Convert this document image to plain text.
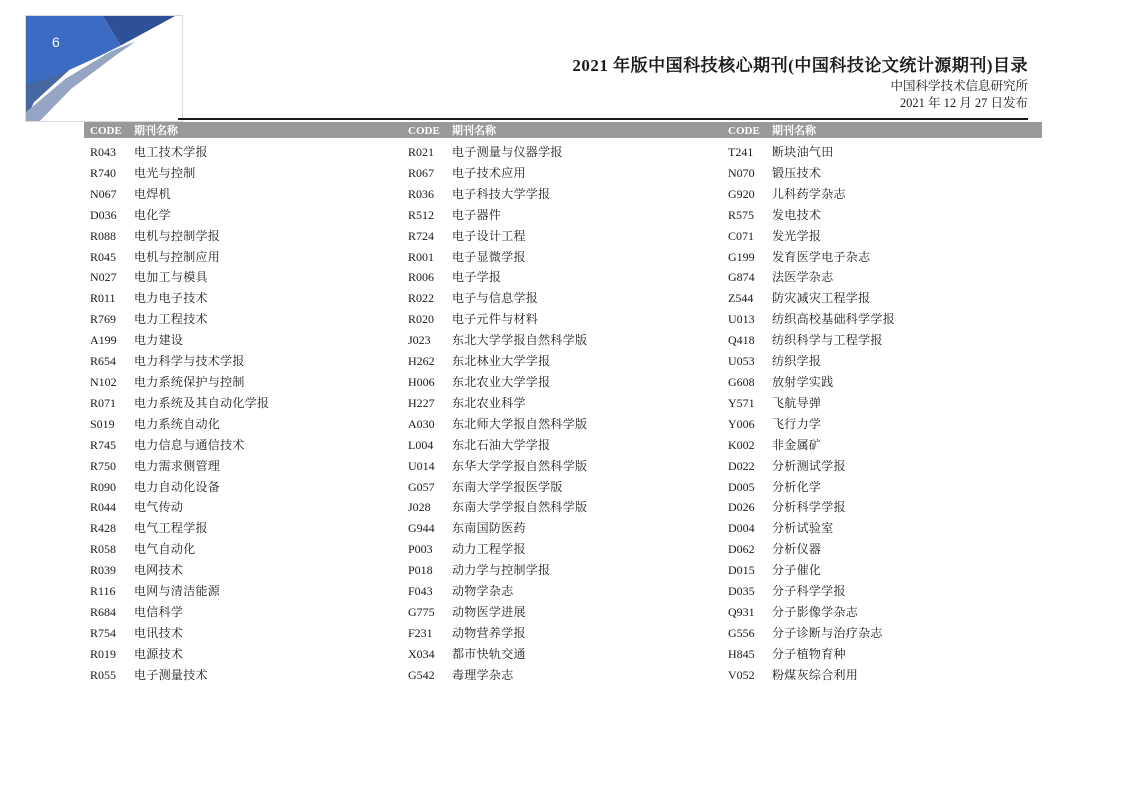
6
2021 年版中国科技核心期刊(中国科技论文统计源期刊)目录
中国科学技术信息研究所
2021 年 12 月 27 日发布
CODE 期刊名称	CODE 期刊名称	CODE 期刊名称
R043 电工技术学报
R740 电光与控制
N067 电焊机
D036 电化学
R088 电机与控制学报
R045 电机与控制应用
N027 电加工与模具
R011 电力电子技术
R769 电力工程技术
A199 电力建设
R654 电力科学与技术学报
N102 电力系统保护与控制
R071 电力系统及其自动化学报
S019 电力系统自动化
R745 电力信息与通信技术
R750 电力需求侧管理
R090 电力自动化设备
R044 电气传动
R428 电气工程学报
R058 电气自动化
R039 电网技术
R116 电网与清洁能源
R684 电信科学
R754 电讯技术
R019 电源技术
R055 电子测量技术
R021 电子测量与仪器学报
R067 电子技术应用
R036 电子科技大学学报
R512 电子器件
R724 电子设计工程
R001 电子显微学报
R006 电子学报
R022 电子与信息学报
R020 电子元件与材料
J023 东北大学学报自然科学版
H262 东北林业大学学报
H006 东北农业大学学报
H227 东北农业科学
A030 东北师大学报自然科学版
L004 东北石油大学学报
U014 东华大学学报自然科学版
G057 东南大学学报医学版
J028 东南大学学报自然科学版
G944 东南国防医药
P003 动力工程学报
P018 动力学与控制学报
F043 动物学杂志
G775 动物医学进展
F231 动物营养学报
X034 都市快轨交通
G542 毒理学杂志
T241 断块油气田
N070 锻压技术
G920 儿科药学杂志
R575 发电技术
C071 发光学报
G199 发育医学电子杂志
G874 法医学杂志
Z544 防灾减灾工程学报
U013 纺织高校基础科学学报
Q418 纺织科学与工程学报
U053 纺织学报
G608 放射学实践
Y571 飞航导弹
Y006 飞行力学
K002 非金属矿
D022 分析测试学报
D005 分析化学
D026 分析科学学报
D004 分析试验室
D062 分析仪器
D015 分子催化
D035 分子科学学报
Q931 分子影像学杂志
G556 分子诊断与治疗杂志
H845 分子植物育种
V052 粉煤灰综合利用
